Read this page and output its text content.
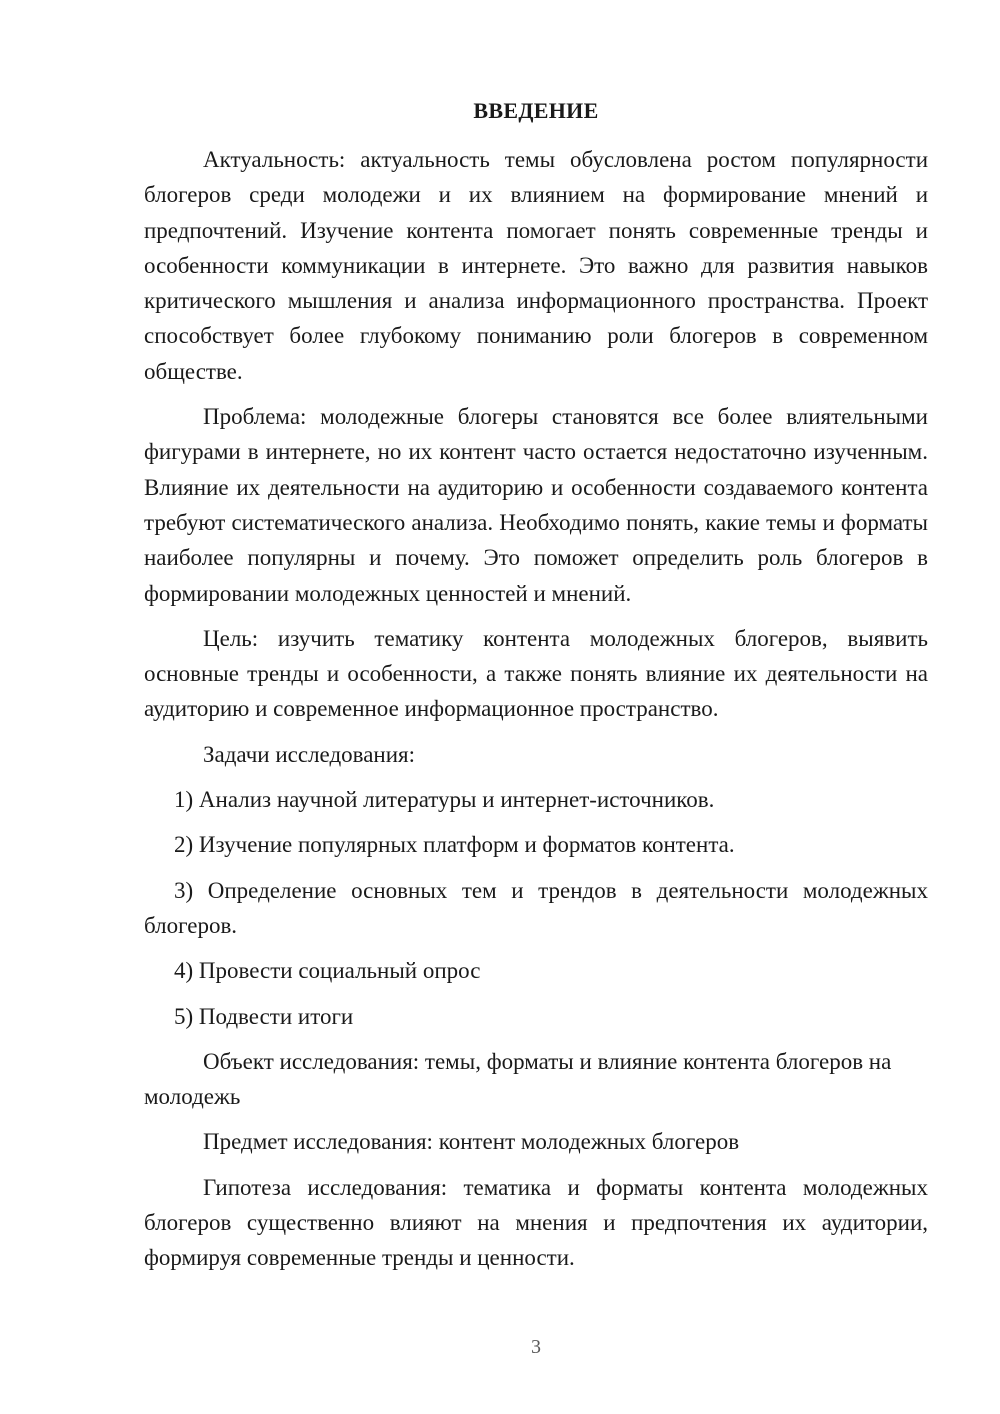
ВВЕДЕНИЕ

Актуальность: актуальность темы обусловлена ростом популярности блогеров среди молодежи и их влиянием на формирование мнений и предпочтений. Изучение контента помогает понять современные тренды и особенности коммуникации в интернете. Это важно для развития навыков критического мышления и анализа информационного пространства. Проект способствует более глубокому пониманию роли блогеров в современном обществе.

Проблема: молодежные блогеры становятся все более влиятельными фигурами в интернете, но их контент часто остается недостаточно изученным. Влияние их деятельности на аудиторию и особенности создаваемого контента требуют систематического анализа. Необходимо понять, какие темы и форматы наиболее популярны и почему. Это поможет определить роль блогеров в формировании молодежных ценностей и мнений.

Цель: изучить тематику контента молодежных блогеров, выявить основные тренды и особенности, а также понять влияние их деятельности на аудиторию и современное информационное пространство.

Задачи исследования:

1) Анализ научной литературы и интернет-источников.

2) Изучение популярных платформ и форматов контента.

3) Определение основных тем и трендов в деятельности молодежных блогеров.

4) Провести социальный опрос

5) Подвести итоги

Объект исследования: темы, форматы и влияние контента блогеров на молодежь

Предмет исследования: контент молодежных блогеров

Гипотеза исследования: тематика и форматы контента молодежных блогеров существенно влияют на мнения и предпочтения их аудитории, формируя современные тренды и ценности.

3
